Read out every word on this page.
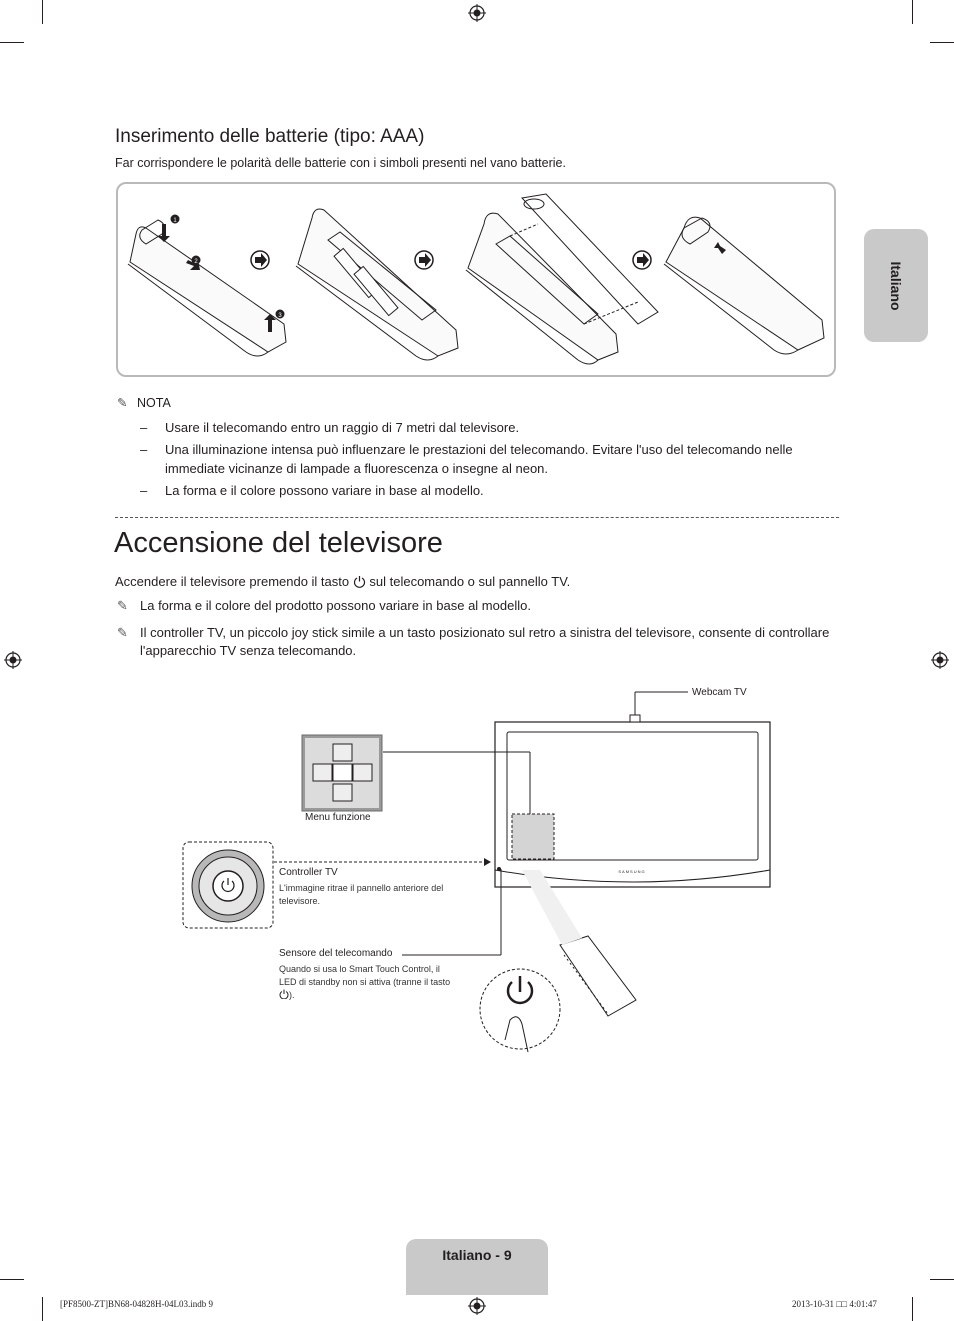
Italiano
Inserimento delle batterie (tipo: AAA)
Far corrispondere le polarità delle batterie con i simboli presenti nel vano batterie.
1
2
3
✎ NOTA
– Usare il telecomando entro un raggio di 7 metri dal televisore.
– Una illuminazione intensa può influenzare le prestazioni del telecomando. Evitare l'uso del telecomando nelle immediate vicinanze di lampade a fluorescenza o insegne al neon.
– La forma e il colore possono variare in base al modello.
Accensione del televisore
Accendere il televisore premendo il tasto sul telecomando o sul pannello TV.
✎ La forma e il colore del prodotto possono variare in base al modello.
✎ Il controller TV, un piccolo joy stick simile a un tasto posizionato sul retro a sinistra del televisore, consente di controllare l'apparecchio TV senza telecomando.
SAMSUNG
Webcam TV
Menu funzione
Controller TV
L'immagine ritrae il pannello anteriore del televisore.
Sensore del telecomando
Quando si usa lo Smart Touch Control, il LED di standby non si attiva (tranne il tasto ).
Italiano - 9
[PF8500-ZT]BN68-04828H-04L03.indb 9	2013-10-31 □□ 4:01:47
